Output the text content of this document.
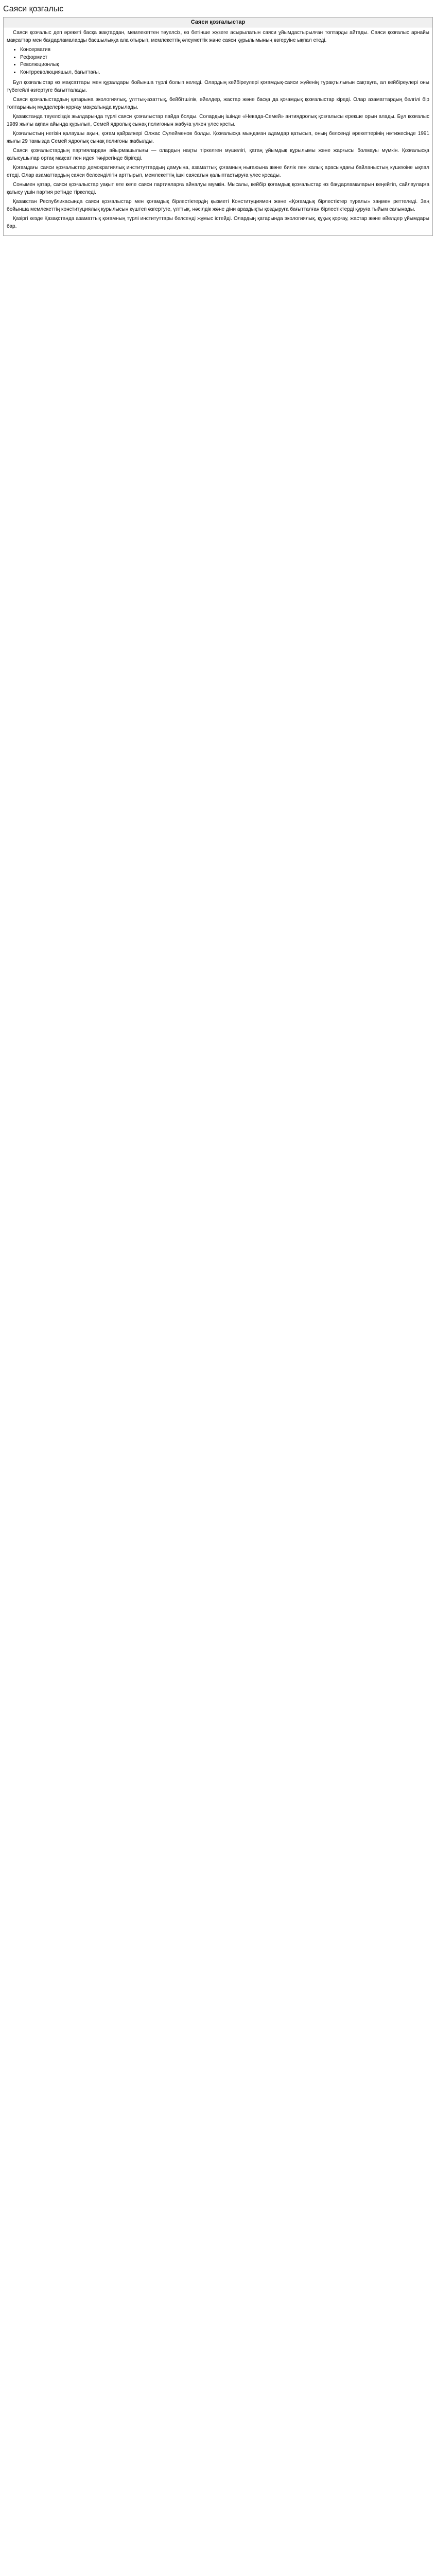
Саяси қозғалыс
Саяси қозғалыстар

Саяси қозғалыс деп әрекеті басқа жақтардан, мемлекеттен тәуелсіз, өз бетінше жүзеге асырылатын саяси ұйымдастырылған топтарды айтады. Саяси қозғалыс арнайы мақсаттар мен бағдарламаларды басшылыққа ала отырып, мемлекеттің әлеуметтік және саяси құрылымының өзгеруіне ықпал етеді.

• Консерватив
• Реформист
• Революционлық
• Контрреволюцияшыл, бағыттағы.

Бұл қозғалыстар өз мақсаттары мен құралдары бойынша түрлі болып келеді. Олардың кейбіреулері қоғамдық-саяси жүйенің тұрақтылығын сақтауға, ал кейбіреулері оны түбегейлі өзгертуге бағытталады.

Саяси қозғалыстардың қатарына экологиялық, ұлттық-азаттық, бейбітшілік, әйелдер, жастар және басқа да қоғамдық қозғалыстар кіреді. Олар азаматтардың белгілі бір топтарының мүдделерін қорғау мақсатында құрылады.

Қазақстанда тәуелсіздік жылдарында түрлі саяси қозғалыстар пайда болды. Солардың ішінде «Невада-Семей» антиядролық қозғалысы ерекше орын алады. Бұл қозғалыс 1989 жылы ақпан айында құрылып, Семей ядролық сынақ полигонын жабуға үлкен үлес қосты.

Қозғалыстың негізін қалаушы ақын, қоғам қайраткері Олжас Сүлейменов болды. Қозғалысқа мыңдаған адамдар қатысып, оның белсенді әрекеттерінің нәтижесінде 1991 жылы 29 тамызда Семей ядролық сынақ полигоны жабылды.

Саяси қозғалыстардың партиялардан айырмашылығы — олардың нақты тіркелген мүшелігі, қатаң ұйымдық құрылымы және жарғысы болмауы мүмкін. Қозғалысқа қатысушылар ортақ мақсат пен идея төңірегінде бірігеді.

Қоғамдағы саяси қозғалыстар демократиялық институттардың дамуына, азаматтық қоғамның нығаюына және билік пен халық арасындағы байланыстың күшеюіне ықпал етеді. Олар азаматтардың саяси белсенділігін арттырып, мемлекеттің ішкі саясатын қалыптастыруға үлес қосады.

Сонымен қатар, саяси қозғалыстар уақыт өте келе саяси партияларға айналуы мүмкін. Мысалы, кейбір қоғамдық қозғалыстар өз бағдарламаларын кеңейтіп, сайлауларға қатысу үшін партия ретінде тіркеледі.

Қазақстан Республикасында саяси қозғалыстар мен қоғамдық бірлестіктердің қызметі Конституциямен және «Қоғамдық бірлестіктер туралы» заңмен реттеледі. Заң бойынша мемлекеттің конституциялық құрылысын күштеп өзгертуге, ұлттық, нәсілдік және діни араздықты қоздыруға бағытталған бірлестіктерді құруға тыйым салынады.

Қазіргі кезде Қазақстанда азаматтық қоғамның түрлі институттары белсенді жұмыс істейді. Олардың қатарында экологиялық, құқық қорғау, жастар және әйелдер ұйымдары бар.
